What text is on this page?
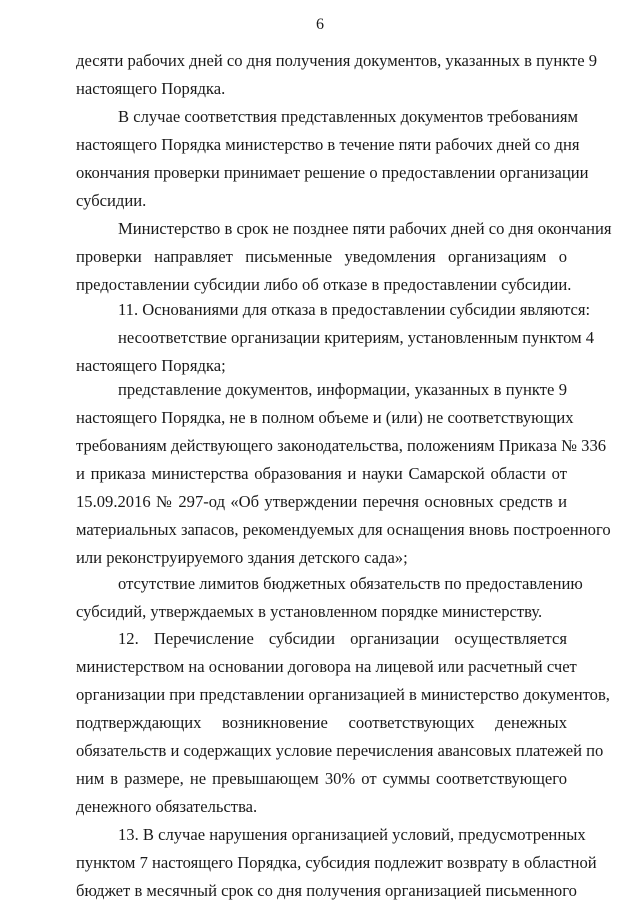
6
десяти рабочих дней со дня получения документов, указанных в пункте 9
настоящего Порядка.
В случае соответствия представленных документов требованиям
настоящего Порядка министерство в течение пяти рабочих дней со дня
окончания проверки принимает решение о предоставлении организации
субсидии.
Министерство в срок не позднее пяти рабочих дней со дня окончания
проверки направляет письменные уведомления организациям о
предоставлении субсидии либо об отказе в предоставлении субсидии.
11. Основаниями для отказа в предоставлении субсидии являются:
несоответствие организации критериям, установленным пунктом 4
настоящего Порядка;
представление документов, информации, указанных в пункте 9
настоящего Порядка, не в полном объеме и (или) не соответствующих
требованиям действующего законодательства, положениям Приказа № 336
и приказа министерства образования и науки Самарской области от
15.09.2016 № 297-од «Об утверждении перечня основных средств и
материальных запасов, рекомендуемых для оснащения вновь построенного
или реконструируемого здания детского сада»;
отсутствие лимитов бюджетных обязательств по предоставлению
субсидий, утверждаемых в установленном порядке министерству.
12. Перечисление субсидии организации осуществляется
министерством на основании договора на лицевой или расчетный счет
организации при представлении организацией в министерство документов,
подтверждающих возникновение соответствующих денежных
обязательств и содержащих условие перечисления авансовых платежей по
ним в размере, не превышающем 30% от суммы соответствующего
денежного обязательства.
13. В случае нарушения организацией условий, предусмотренных
пунктом 7 настоящего Порядка, субсидия подлежит возврату в областной
бюджет в месячный срок со дня получения организацией письменного
